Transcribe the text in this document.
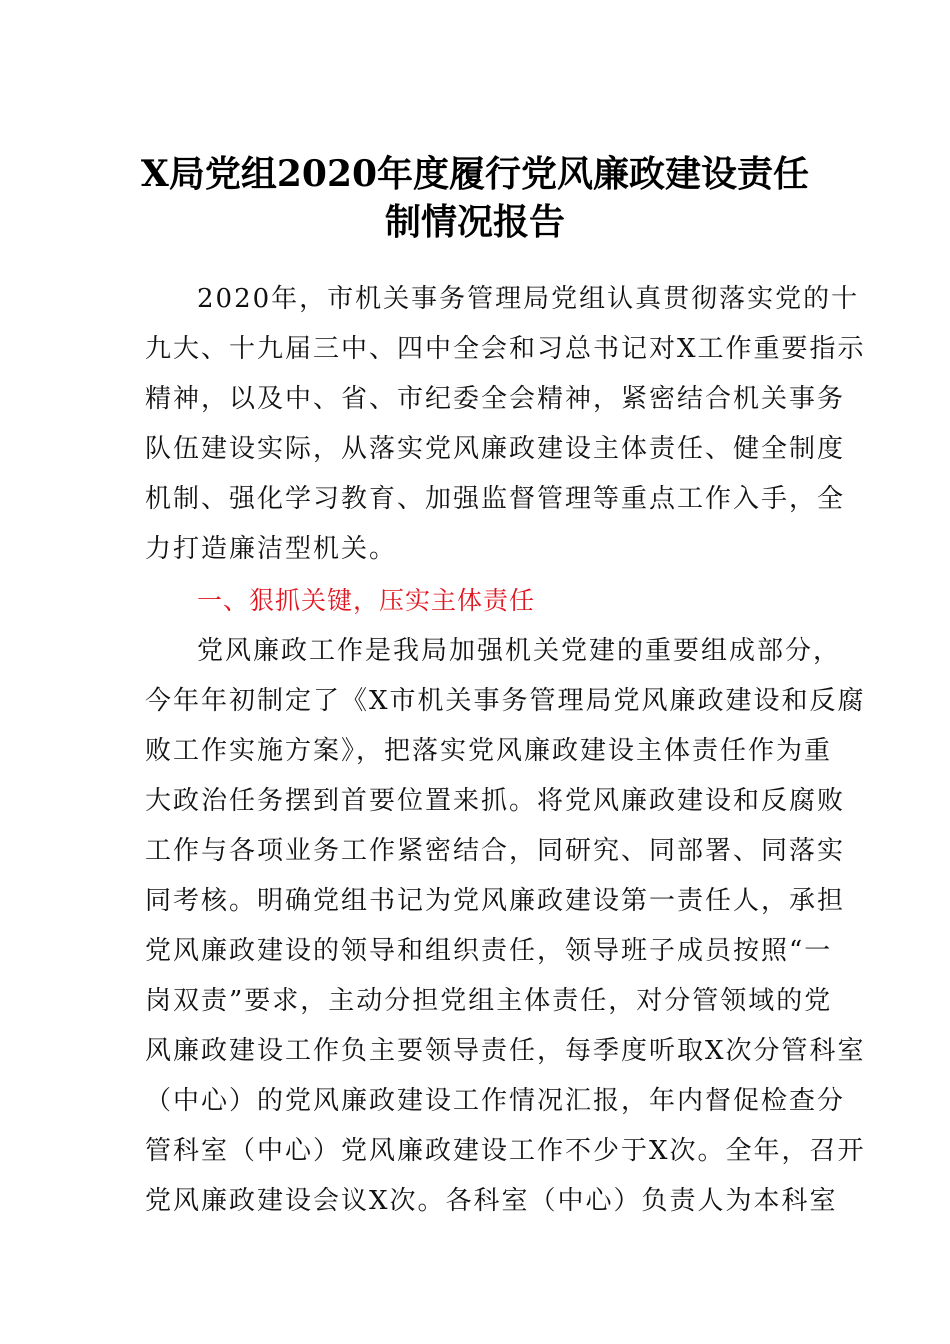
X局党组2020年度履行党风廉政建设责任
制情况报告
2020年，市机关事务管理局党组认真贯彻落实党的十
九大、十九届三中、四中全会和习总书记对X工作重要指示
精神，以及中、省、市纪委全会精神，紧密结合机关事务
队伍建设实际，从落实党风廉政建设主体责任、健全制度
机制、强化学习教育、加强监督管理等重点工作入手，全
力打造廉洁型机关。
一、狠抓关键，压实主体责任
党风廉政工作是我局加强机关党建的重要组成部分，
今年年初制定了《X市机关事务管理局党风廉政建设和反腐
败工作实施方案》，把落实党风廉政建设主体责任作为重
大政治任务摆到首要位置来抓。将党风廉政建设和反腐败
工作与各项业务工作紧密结合，同研究、同部署、同落实
同考核。明确党组书记为党风廉政建设第一责任人，承担
党风廉政建设的领导和组织责任，领导班子成员按照“一
岗双责”要求，主动分担党组主体责任，对分管领域的党
风廉政建设工作负主要领导责任，每季度听取X次分管科室
（中心）的党风廉政建设工作情况汇报，年内督促检查分
管科室（中心）党风廉政建设工作不少于X次。全年，召开
党风廉政建设会议X次。各科室（中心）负责人为本科室
